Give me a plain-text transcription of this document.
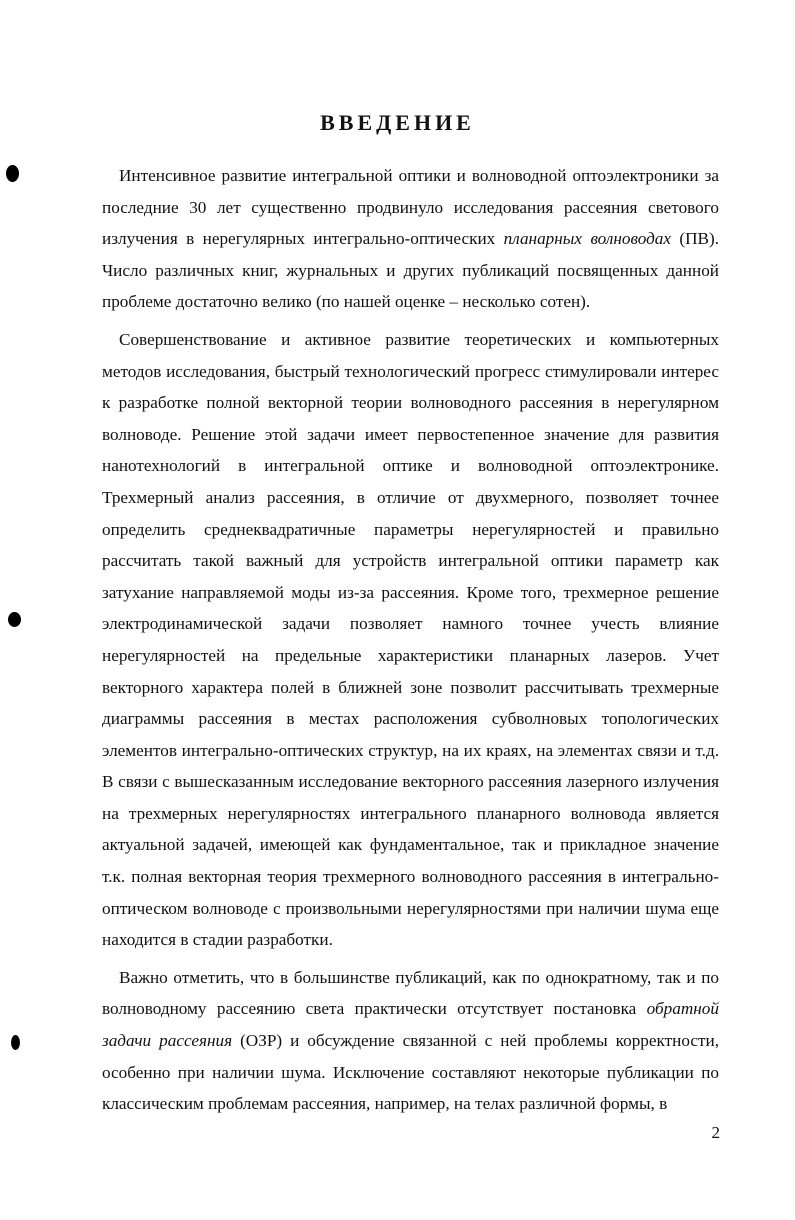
ВВЕДЕНИЕ

Интенсивное развитие интегральной оптики и волноводной оптоэлектроники за последние 30 лет существенно продвинуло исследования рассеяния светового излучения в нерегулярных интегрально-оптических планарных волноводах (ПВ). Число различных книг, журнальных и других публикаций посвященных данной проблеме достаточно велико (по нашей оценке – несколько сотен).

Совершенствование и активное развитие теоретических и компьютерных методов исследования, быстрый технологический прогресс стимулировали интерес к разработке полной векторной теории волноводного рассеяния в нерегулярном волноводе. Решение этой задачи имеет первостепенное значение для развития нанотехнологий в интегральной оптике и волноводной оптоэлектронике. Трехмерный анализ рассеяния, в отличие от двухмерного, позволяет точнее определить среднеквадратичные параметры нерегулярностей и правильно рассчитать такой важный для устройств интегральной оптики параметр как затухание направляемой моды из-за рассеяния. Кроме того, трехмерное решение электродинамической задачи позволяет намного точнее учесть влияние нерегулярностей на предельные характеристики планарных лазеров. Учет векторного характера полей в ближней зоне позволит рассчитывать трехмерные диаграммы рассеяния в местах расположения субволновых топологических элементов интегрально-оптических структур, на их краях, на элементах связи и т.д. В связи с вышесказанным исследование векторного рассеяния лазерного излучения на трехмерных нерегулярностях интегрального планарного волновода является актуальной задачей, имеющей как фундаментальное, так и прикладное значение т.к. полная векторная теория трехмерного волноводного рассеяния в интегрально-оптическом волноводе с произвольными нерегулярностями при наличии шума еще находится в стадии разработки.

Важно отметить, что в большинстве публикаций, как по однократному, так и по волноводному рассеянию света практически отсутствует постановка обратной задачи рассеяния (ОЗР) и обсуждение связанной с ней проблемы корректности, особенно при наличии шума. Исключение составляют некоторые публикации по классическим проблемам рассеяния, например, на телах различной формы, в

2
